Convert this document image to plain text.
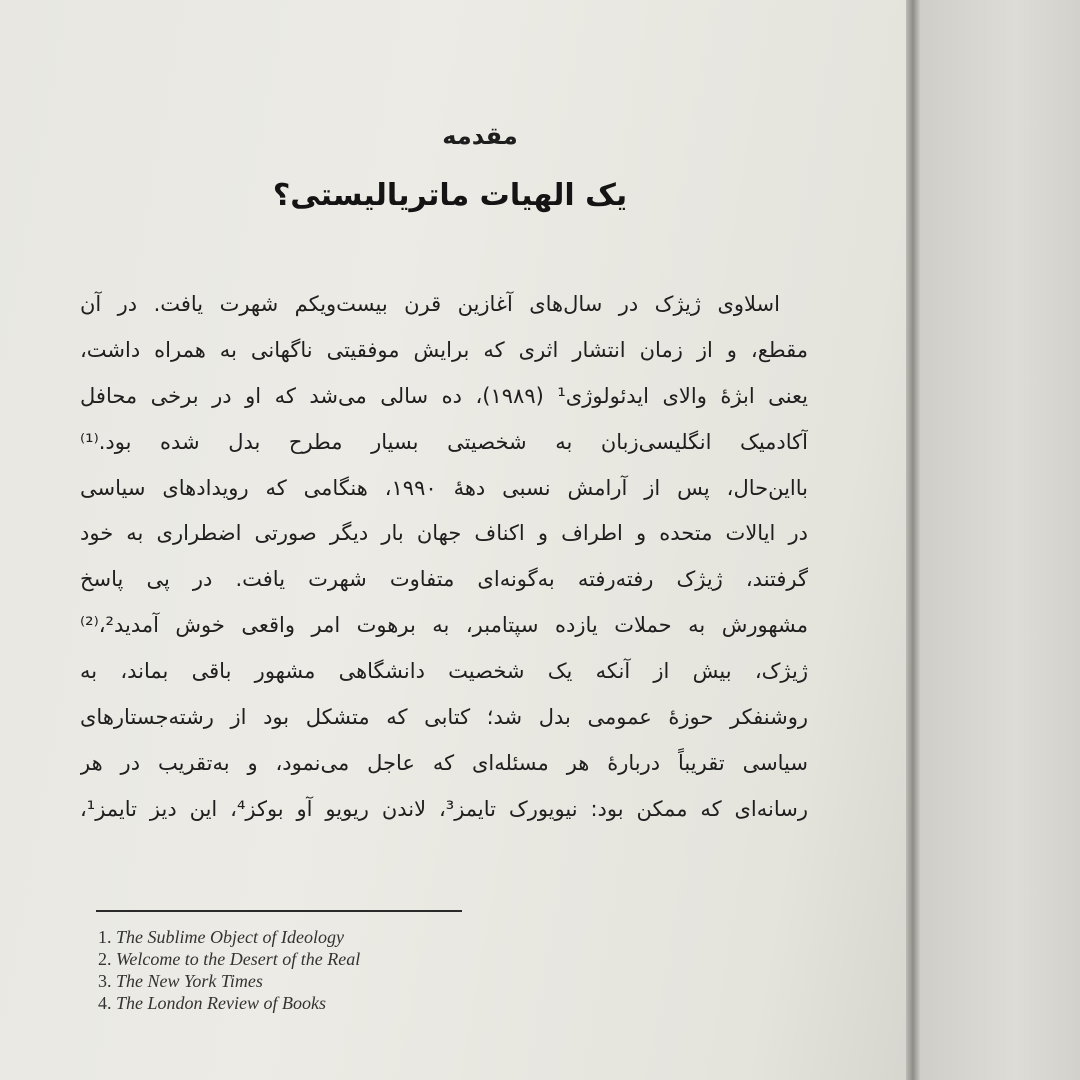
مقدمه
یک الهیات ماتریالیستی؟
اسلاوی ژیژک در سال‌های آغازین قرن بیست‌ویکم شهرت یافت. در آن
مقطع، و از زمان انتشار اثری که برایش موفقیتی ناگهانی به همراه داشت،
یعنی ابژهٔ والای ایدئولوژی¹ (۱۹۸۹)، ده سالی می‌شد که او در برخی محافل
آکادمیک انگلیسی‌زبان به شخصیتی بسیار مطرح بدل شده بود.⁽¹⁾
بااین‌حال، پس از آرامش نسبی دههٔ ۱۹۹۰، هنگامی که رویدادهای سیاسی
در ایالات متحده و اطراف و اکناف جهان بار دیگر صورتی اضطراری به خود
گرفتند، ژیژک رفته‌رفته به‌گونه‌ای متفاوت شهرت یافت. در پی پاسخ
مشهورش به حملات یازده سپتامبر، به برهوت امر واقعی خوش آمدید²،⁽²⁾
ژیژک، بیش از آنکه یک شخصیت دانشگاهی مشهور باقی بماند، به
روشنفکر حوزهٔ عمومی بدل شد؛ کتابی که متشکل بود از رشته‌جستارهای
سیاسی تقریباً دربارهٔ هر مسئله‌ای که عاجل می‌نمود، و به‌تقریب در هر
رسانه‌ای که ممکن بود: نیویورک تایمز³، لاندن ریویو آو بوکز⁴، این دیز تایمز¹،
1. The Sublime Object of Ideology
2. Welcome to the Desert of the Real
3. The New York Times
4. The London Review of Books
